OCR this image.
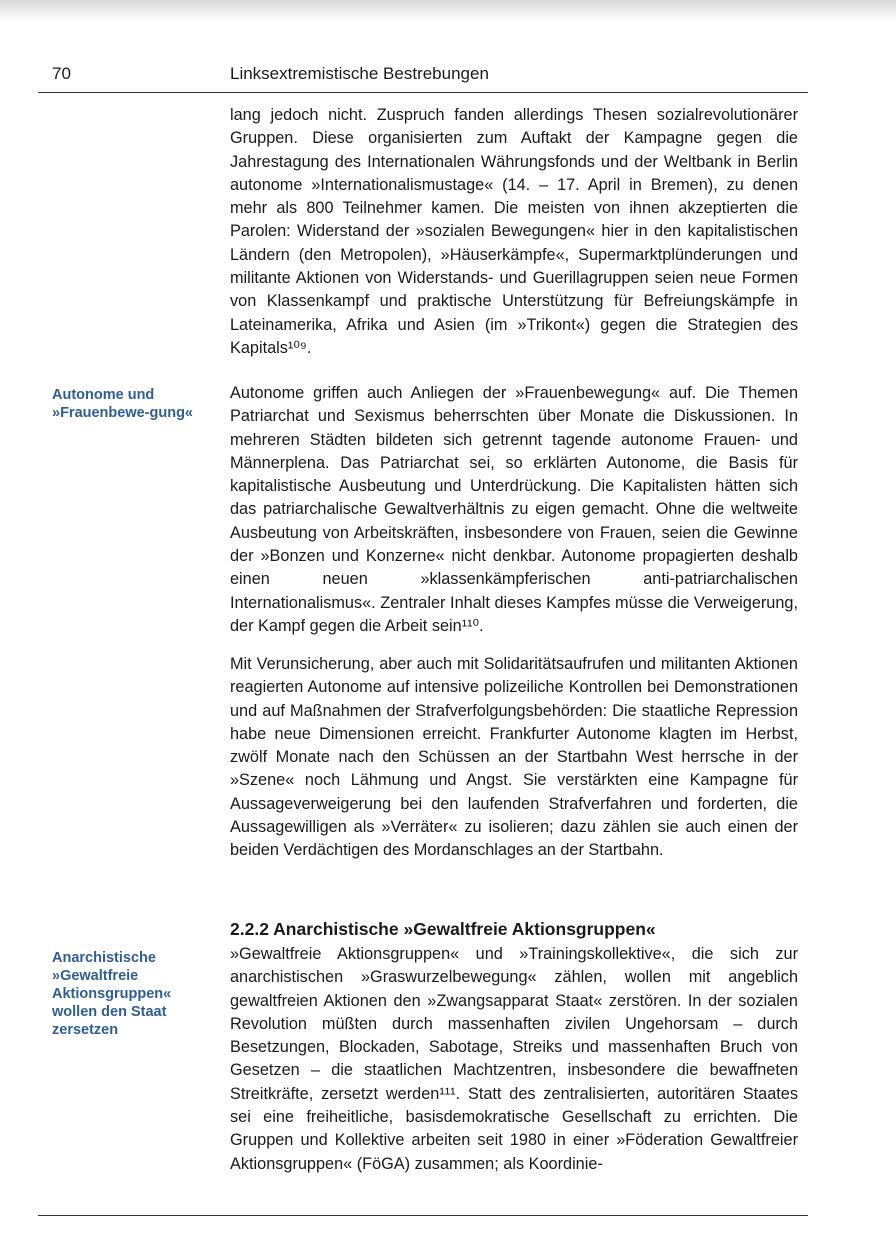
70	Linksextremistische Bestrebungen
Autonome und »Frauenbewe-gung«
Anarchistische »Gewaltfreie Aktionsgruppen« wollen den Staat zersetzen

lang jedoch nicht. Zuspruch fanden allerdings Thesen sozialrevolutionärer Gruppen. Diese organisierten zum Auftakt der Kampagne gegen die Jahrestagung des Internationalen Währungsfonds und der Weltbank in Berlin autonome »Internationalismustage« (14. – 17. April in Bremen), zu denen mehr als 800 Teilnehmer kamen. Die meisten von ihnen akzeptierten die Parolen: Widerstand der »sozialen Bewegungen« hier in den kapitalistischen Ländern (den Metropolen), »Häuserkämpfe«, Supermarktplünderungen und militante Aktionen von Widerstands- und Guerillagruppen seien neue Formen von Klassenkampf und praktische Unterstützung für Befreiungskämpfe in Lateinamerika, Afrika und Asien (im »Trikont«) gegen die Strategien des Kapitals¹⁰⁹.

Autonome griffen auch Anliegen der »Frauenbewegung« auf. Die Themen Patriarchat und Sexismus beherrschten über Monate die Diskussionen. In mehreren Städten bildeten sich getrennt tagende autonome Frauen- und Männerplena. Das Patriarchat sei, so erklärten Autonome, die Basis für kapitalistische Ausbeutung und Unterdrückung. Die Kapitalisten hätten sich das patriarchalische Gewaltverhältnis zu eigen gemacht. Ohne die weltweite Ausbeutung von Arbeitskräften, insbesondere von Frauen, seien die Gewinne der »Bonzen und Konzerne« nicht denkbar. Autonome propagierten deshalb einen neuen »klassenkämpferischen anti-patriarchalischen Internationalismus«. Zentraler Inhalt dieses Kampfes müsse die Verweigerung, der Kampf gegen die Arbeit sein¹¹⁰.

Mit Verunsicherung, aber auch mit Solidaritätsaufrufen und militanten Aktionen reagierten Autonome auf intensive polizeiliche Kontrollen bei Demonstrationen und auf Maßnahmen der Strafverfolgungsbehörden: Die staatliche Repression habe neue Dimensionen erreicht. Frankfurter Autonome klagten im Herbst, zwölf Monate nach den Schüssen an der Startbahn West herrsche in der »Szene« noch Lähmung und Angst. Sie verstärkten eine Kampagne für Aussageverweigerung bei den laufenden Strafverfahren und forderten, die Aussagewilligen als »Verräter« zu isolieren; dazu zählen sie auch einen der beiden Verdächtigen des Mordanschlages an der Startbahn.

2.2.2 Anarchistische »Gewaltfreie Aktionsgruppen«

»Gewaltfreie Aktionsgruppen« und »Trainingskollektive«, die sich zur anarchistischen »Graswurzelbewegung« zählen, wollen mit angeblich gewaltfreien Aktionen den »Zwangsapparat Staat« zerstören. In der sozialen Revolution müßten durch massenhaften zivilen Ungehorsam – durch Besetzungen, Blockaden, Sabotage, Streiks und massenhaften Bruch von Gesetzen – die staatlichen Machtzentren, insbesondere die bewaffneten Streitkräfte, zersetzt werden¹¹¹. Statt des zentralisierten, autoritären Staates sei eine freiheitliche, basisdemokratische Gesellschaft zu errichten. Die Gruppen und Kollektive arbeiten seit 1980 in einer »Föderation Gewaltfreier Aktionsgruppen« (FöGA) zusammen; als Koordinie-
